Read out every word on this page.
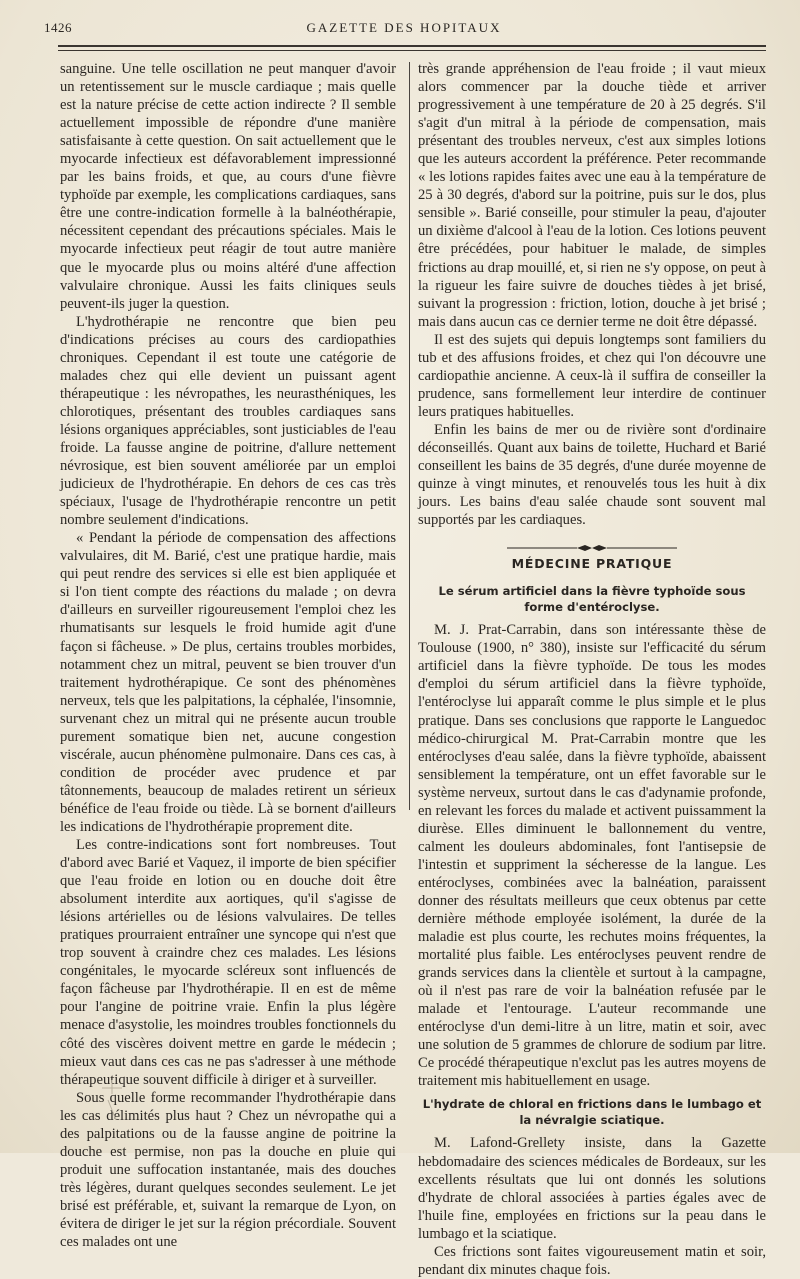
1426	GAZETTE DES HOPITAUX

sanguine. Une telle oscillation ne peut manquer d'avoir un retentissement sur le muscle cardiaque ; mais quelle est la nature précise de cette action indirecte ? Il semble actuellement impossible de répondre d'une manière satisfaisante à cette question. On sait actuellement que le myocarde infectieux est défavorablement impressionné par les bains froids, et que, au cours d'une fièvre typhoïde par exemple, les complications cardiaques, sans être une contre-indication formelle à la balnéothérapie, nécessitent cependant des précautions spéciales. Mais le myocarde infectieux peut réagir de tout autre manière que le myocarde plus ou moins altéré d'une affection valvulaire chronique. Aussi les faits cliniques seuls peuvent-ils juger la question.

L'hydrothérapie ne rencontre que bien peu d'indications précises au cours des cardiopathies chroniques. Cependant il est toute une catégorie de malades chez qui elle devient un puissant agent thérapeutique : les névropathes, les neurasthéniques, les chlorotiques, présentant des troubles cardiaques sans lésions organiques appréciables, sont justiciables de l'eau froide. La fausse angine de poitrine, d'allure nettement névrosique, est bien souvent améliorée par un emploi judicieux de l'hydrothérapie. En dehors de ces cas très spéciaux, l'usage de l'hydrothérapie rencontre un petit nombre seulement d'indications.

« Pendant la période de compensation des affections valvulaires, dit M. Barié, c'est une pratique hardie, mais qui peut rendre des services si elle est bien appliquée et si l'on tient compte des réactions du malade ; on devra d'ailleurs en surveiller rigoureusement l'emploi chez les rhumatisants sur lesquels le froid humide agit d'une façon si fâcheuse. » De plus, certains troubles morbides, notamment chez un mitral, peuvent se bien trouver d'un traitement hydrothérapique. Ce sont des phénomènes nerveux, tels que les palpitations, la céphalée, l'insomnie, survenant chez un mitral qui ne présente aucun trouble purement somatique bien net, aucune congestion viscérale, aucun phénomène pulmonaire. Dans ces cas, à condition de procéder avec prudence et par tâtonnements, beaucoup de malades retirent un sérieux bénéfice de l'eau froide ou tiède. Là se bornent d'ailleurs les indications de l'hydrothérapie proprement dite.

Les contre-indications sont fort nombreuses. Tout d'abord avec Barié et Vaquez, il importe de bien spécifier que l'eau froide en lotion ou en douche doit être absolument interdite aux aortiques, qu'il s'agisse de lésions artérielles ou de lésions valvulaires. De telles pratiques prourraient entraîner une syncope qui n'est que trop souvent à craindre chez ces malades. Les lésions congénitales, le myocarde scléreux sont influencés de façon fâcheuse par l'hydrothérapie. Il en est de même pour l'angine de poitrine vraie. Enfin la plus légère menace d'asystolie, les moindres troubles fonctionnels du côté des viscères doivent mettre en garde le médecin ; mieux vaut dans ces cas ne pas s'adresser à une méthode thérapeutique souvent difficile à diriger et à surveiller.

Sous quelle forme recommander l'hydrothérapie dans les cas délimités plus haut ? Chez un névropathe qui a des palpitations ou de la fausse angine de poitrine la douche est permise, non pas la douche en pluie qui produit une suffocation instantanée, mais des douches très légères, durant quelques secondes seulement. Le jet brisé est préférable, et, suivant la remarque de Lyon, on évitera de diriger le jet sur la région précordiale. Souvent ces malades ont une

très grande appréhension de l'eau froide ; il vaut mieux alors commencer par la douche tiède et arriver progressivement à une température de 20 à 25 degrés. S'il s'agit d'un mitral à la période de compensation, mais présentant des troubles nerveux, c'est aux simples lotions que les auteurs accordent la préférence. Peter recommande « les lotions rapides faites avec une eau à la température de 25 à 30 degrés, d'abord sur la poitrine, puis sur le dos, plus sensible ». Barié conseille, pour stimuler la peau, d'ajouter un dixième d'alcool à l'eau de la lotion. Ces lotions peuvent être précédées, pour habituer le malade, de simples frictions au drap mouillé, et, si rien ne s'y oppose, on peut à la rigueur les faire suivre de douches tièdes à jet brisé, suivant la progression : friction, lotion, douche à jet brisé ; mais dans aucun cas ce dernier terme ne doit être dépassé.

Il est des sujets qui depuis longtemps sont familiers du tub et des affusions froides, et chez qui l'on découvre une cardiopathie ancienne. A ceux-là il suffira de conseiller la prudence, sans formellement leur interdire de continuer leurs pratiques habituelles.

Enfin les bains de mer ou de rivière sont d'ordinaire déconseillés. Quant aux bains de toilette, Huchard et Barié conseillent les bains de 35 degrés, d'une durée moyenne de quinze à vingt minutes, et renouvelés tous les huit à dix jours. Les bains d'eau salée chaude sont souvent mal supportés par les cardiaques.

MÉDECINE PRATIQUE
Le sérum artificiel dans la fièvre typhoïde sous forme d'entéroclyse.

M. J. Prat-Carrabin, dans son intéressante thèse de Toulouse (1900, n° 380), insiste sur l'efficacité du sérum artificiel dans la fièvre typhoïde. De tous les modes d'emploi du sérum artificiel dans la fièvre typhoïde, l'entéroclyse lui apparaît comme le plus simple et le plus pratique. Dans ses conclusions que rapporte le Languedoc médico-chirurgical M. Prat-Carrabin montre que les entéroclyses d'eau salée, dans la fièvre typhoïde, abaissent sensiblement la température, ont un effet favorable sur le système nerveux, surtout dans le cas d'adynamie profonde, en relevant les forces du malade et activent puissamment la diurèse. Elles diminuent le ballonnement du ventre, calment les douleurs abdominales, font l'antisepsie de l'intestin et suppriment la sécheresse de la langue. Les entéroclyses, combinées avec la balnéation, paraissent donner des résultats meilleurs que ceux obtenus par cette dernière méthode employée isolément, la durée de la maladie est plus courte, les rechutes moins fréquentes, la mortalité plus faible. Les entéroclyses peuvent rendre de grands services dans la clientèle et surtout à la campagne, où il n'est pas rare de voir la balnéation refusée par le malade et l'entourage. L'auteur recommande une entéroclyse d'un demi-litre à un litre, matin et soir, avec une solution de 5 grammes de chlorure de sodium par litre. Ce procédé thérapeutique n'exclut pas les autres moyens de traitement mis habituellement en usage.

L'hydrate de chloral en frictions dans le lumbago et la névralgie sciatique.

M. Lafond-Grellety insiste, dans la Gazette hebdomadaire des sciences médicales de Bordeaux, sur les excellents résultats que lui ont donnés les solutions d'hydrate de chloral associées à parties égales avec de l'huile fine, employées en frictions sur la peau dans le lumbago et la sciatique.

Ces frictions sont faites vigoureusement matin et soir, pendant dix minutes chaque fois.
